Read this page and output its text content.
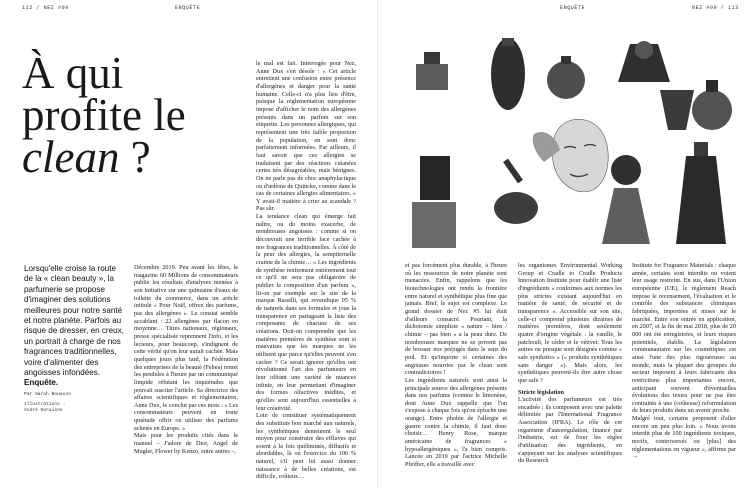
112 / NEZ #09	ENQUÊTE	ENQUÊTE	NEZ #09 / 113
À qui
profite le
clean ?
Lorsqu'elle croise la route de la « clean beauty », la parfumerie se propose d'imaginer des solutions meilleures pour notre santé et notre planète. Parfois au risque de dresser, en creux, un portrait à charge de nos fragrances traditionnelles, voire d'alimenter des angoisses infondées. Enquête.
Par Sarah Bouasse
Illustrations :
André Deraisne

Décembre 2019. Peu avant les fêtes, le magazine 60 Millions de consommateurs publie les résultats d'analyses menées à son initiative sur une quinzaine d'eaux de toilette du commerce, dans un article intitulé « Pour Noël, offrez des parfums, pas des allergènes ». Le constat semble accablant : 22 allergènes par flacon en moyenne… Titres nationaux, régionaux, presse spécialisée reprennent l'info, et les lecteurs, pour beaucoup, s'indignent de cette vérité qu'on leur aurait cachée. Mais quelques jours plus tard, la Fédération des entreprises de la beauté (Febea) remet les pendules à l'heure par un communiqué limpide réfutant les inquiétudes que pouvait susciter l'article. Sa directrice des affaires scientifiques et réglementaires, Anne Dux, le conclut par ces mots : « Les consommateurs peuvent en toute quiétude offrir ou utiliser des parfums achetés en Europe. »

Mais pour les produits cités dans le manuel – J'adore de Dior, Angel de Mugler, Flower by Kenzo, entre autres –,

le mal est fait. Interrogée pour Nez, Anne Dux s'en désole : « Cet article entretient une confusion entre présence d'allergènes et danger pour la santé humaine. Celle-ci n'a plus lieu d'être, puisque la réglementation européenne impose d'afficher le nom des allergènes présents dans un parfum sur son étiquette. Les personnes allergiques, qui représentent une très faible proportion de la population, en sont donc parfaitement informées. Par ailleurs, il faut savoir que ces allergies se traduisent par des réactions cutanées certes très désagréables, mais bénignes. On ne parle pas de choc anaphylactique ou d'œdème de Quincke, comme dans le cas de certaines allergies alimentaires. » Y avait-il matière à crier au scandale ? Pas sûr.

La tendance clean qui émerge fait naître, ou du moins exacerbe, de nombreuses angoisses : comme si on découvrait une terrible face cachée à nos fragrances traditionnelles. À côté de la peur des allergies, la sempiternelle crainte de la chimie… « Les ingrédients de synthèse renferment entièrement tout ce qu'il ne sera pas obligatoire de publier la composition d'un parfum », lit-on par exemple sur le site de la marque Rassilli, qui revendique 95 % de naturels dans ses formules et joue la transparence en partageant la liste des composants de chacune de ses créations. Doit-on comprendre que les matières premières de synthèse sont si mauvaises que les marques ne les utilisent que parce qu'elles peuvent s'en cacher ? Ce serait ignorer qu'elles ont révolutionné l'art des parfumeurs en leur offrant une variété de nuances infinie, en leur permettant d'imaginer des formes olfactives inédites, et qu'elles sont aujourd'hui essentielles à leur créativité.

Loin de constituer systématiquement des substituts bon marché aux naturels, les synthétiques demeurent le seul moyen pour construire des effluves qui soient à la fois quéliminés, diffusifs et abordables, là où l'exercice du 100 % naturel, s'il peut lui aussi donner naissance à de belles créations, est difficile, coûteux…

et pas forcément plus durable, à l'heure où les ressources de notre planète sont menacées. Enfin, rappelons que les biotechnologies ont rendu la frontière entre naturel et synthétique plus fine que jamais. Bref, le sujet est complexe. Le grand dossier de Nez #5 lui était d'ailleurs consacré. Pourtant, la dichotomie simpliste « nature – bien / chimie – pas bien » a la peau dure. De nombreuses marques ne se privent pas de brosser nos préjugés dans le sens du poil. Et qu'importe si certaines des angoisses nourries par le clean sont contradictoires !

Les ingrédients naturels sont ainsi la principale source des allergènes présents dans nos parfums (comme le limonène, dont Anne Dux rappelle que l'on s'expose à chaque fois qu'on épluche une orange). Entre phobie de l'allergie et guerre contre la chimie, il faut donc choisir… Henry Rose, marque américaine de fragrances « hypoallergéniques », l'a bien compris. Lancée en 2019 par l'actrice Michelle Pfeiffer, elle a travaillé avec

les organismes Environmental Working Group et Cradle to Cradle Products Innovation Institute pour établir une liste d'ingrédients « conformes aux normes les plus strictes existant aujourd'hui en matière de santé, de sécurité et de transparence ». Accessible sur son site, celle-ci comprend plusieurs dizaines de matières premières, dont seulement quatre d'origine végétale : la vanille, le patchouli, le cèdre et le vétiver. Tous les autres ou presque sont désignés comme « safe synthetics » (« produits synthétiques sans danger »). Mais alors, les synthétiques peuvent-ils être autre chose que safe ?

Stricte législation

L'activité des parfumeurs est très encadrée ; ils composent avec une palette délimitée par l'International Fragrance Association (IFRA). Le rôle de cet organisme d'autorégulation, financé par l'industrie, est de fixer les règles d'utilisation des ingrédients, en s'appuyant sur les analyses scientifiques du Research

Institute for Fragrance Materials : chaque année, certains sont interdits ou voient leur usage restreint. En sus, dans l'Union européenne (UE), le règlement Reach impose le recensement, l'évaluation et le contrôle des substances chimiques fabriquées, importées et mises sur le marché. Entre son entrée en application, en 2007, et la fin de mai 2018, plus de 20 000 ont été enregistrées, et leurs risques potentiels, établis. La législation communautaire sur les cosmétiques est ainsi l'une des plus rigoureuses au monde, mais la plupart des groupes du secteur imposent à leurs fabricants des restrictions plus importantes encore, anticipant souvent d'éventuelles évolutions des textes pour ne pas être contraints à une (coûteuse) reformulation de leurs produits dans un avenir proche.

Malgré tout, certains proposent d'aller encore un peu plus loin. « Nous avons interdit plus de 100 ingrédients toxiques, nocifs, controversés ou [plus] des réglementations en vigueur », affirme par →
